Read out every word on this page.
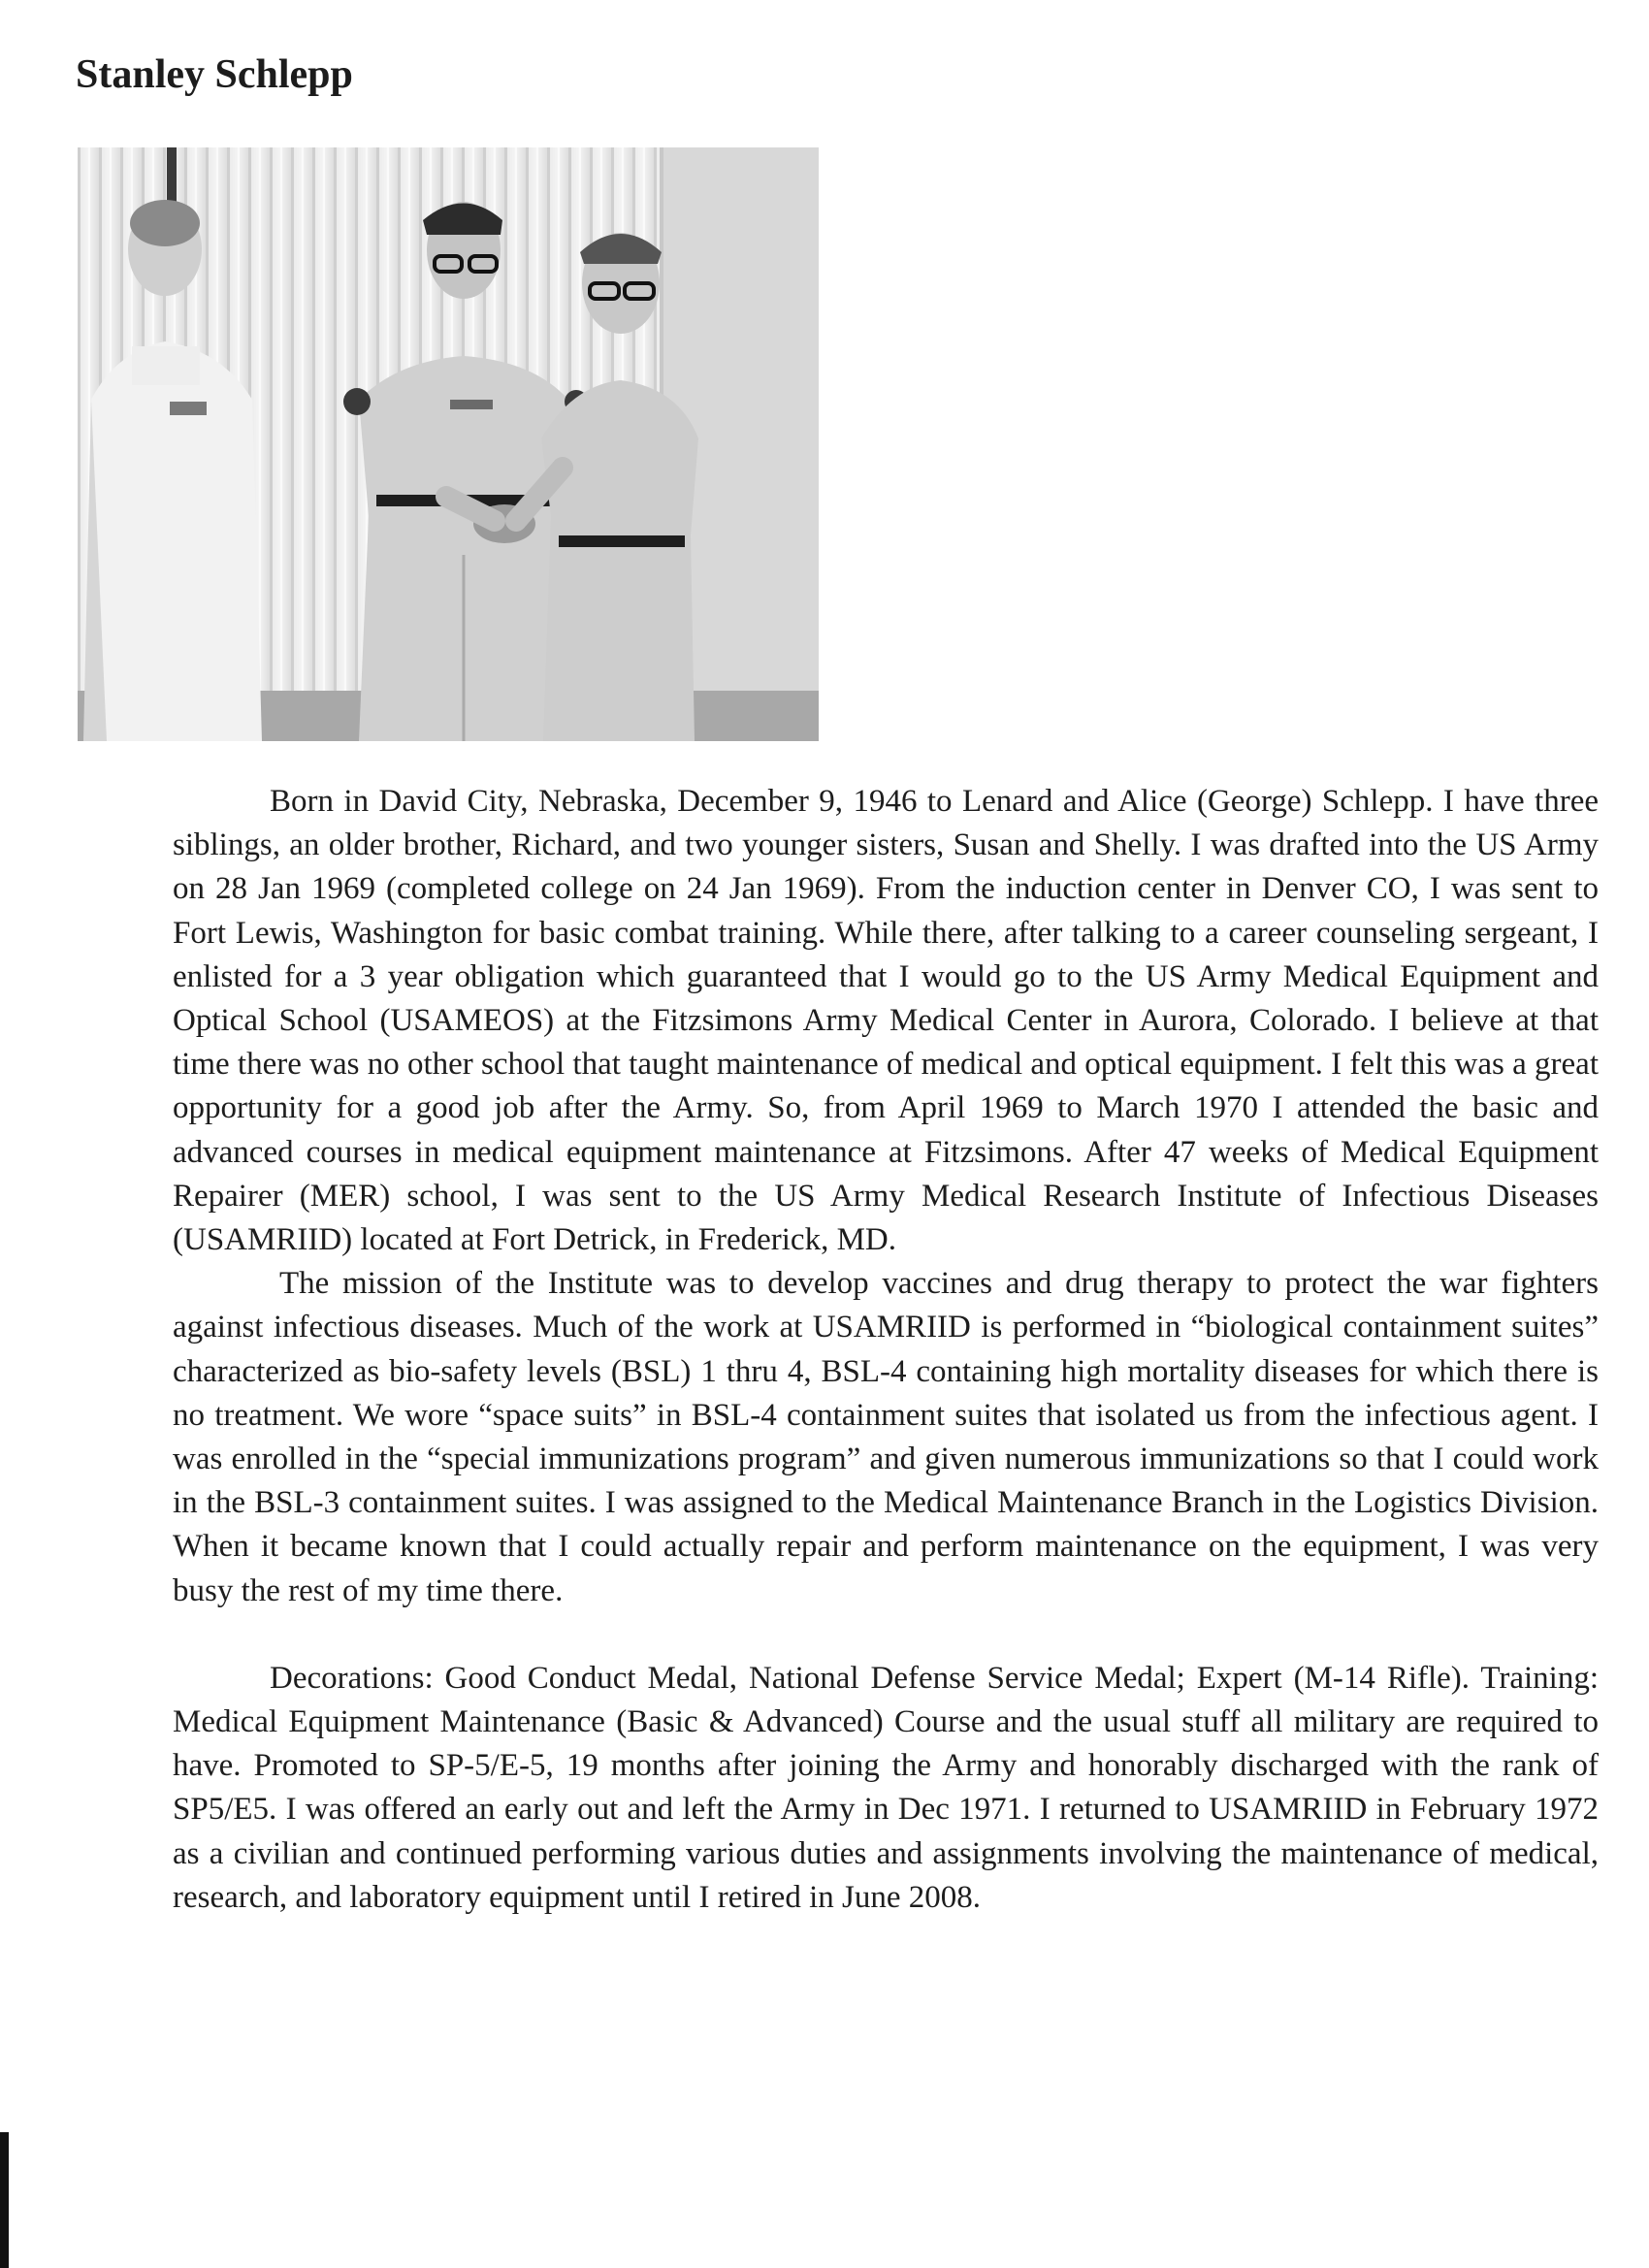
Stanley Schlepp

Born in David City, Nebraska, December 9, 1946 to Lenard and Alice (George) Schlepp. I have three siblings, an older brother, Richard, and two younger sisters, Susan and Shelly. I was drafted into the US Army on 28 Jan 1969 (completed college on 24 Jan 1969). From the induction center in Denver CO, I was sent to Fort Lewis, Washington for basic combat training. While there, after talking to a career counseling sergeant, I enlisted for a 3 year obligation which guaranteed that I would go to the US Army Medical Equipment and Optical School (USAMEOS) at the Fitzsimons Army Medical Center in Aurora, Colorado. I believe at that time there was no other school that taught maintenance of medical and optical equipment. I felt this was a great opportunity for a good job after the Army. So, from April 1969 to March 1970 I attended the basic and advanced courses in medical equipment maintenance at Fitzsimons. After 47 weeks of Medical Equipment Repairer (MER) school, I was sent to the US Army Medical Research Institute of Infectious Diseases (USAMRIID) located at Fort Detrick, in Frederick, MD.

The mission of the Institute was to develop vaccines and drug therapy to protect the war fighters against infectious diseases. Much of the work at USAMRIID is performed in “biological containment suites” characterized as bio-safety levels (BSL) 1 thru 4, BSL-4 containing high mortality diseases for which there is no treatment. We wore “space suits” in BSL-4 containment suites that isolated us from the infectious agent. I was enrolled in the “special immunizations program” and given numerous immunizations so that I could work in the BSL-3 containment suites. I was assigned to the Medical Maintenance Branch in the Logistics Division. When it became known that I could actually repair and perform maintenance on the equipment, I was very busy the rest of my time there.

Decorations: Good Conduct Medal, National Defense Service Medal; Expert (M-14 Rifle). Training: Medical Equipment Maintenance (Basic & Advanced) Course and the usual stuff all military are required to have. Promoted to SP-5/E-5, 19 months after joining the Army and honorably discharged with the rank of SP5/E5. I was offered an early out and left the Army in Dec 1971. I returned to USAMRIID in February 1972 as a civilian and continued performing various duties and assignments involving the maintenance of medical, research, and laboratory equipment until I retired in June 2008.
